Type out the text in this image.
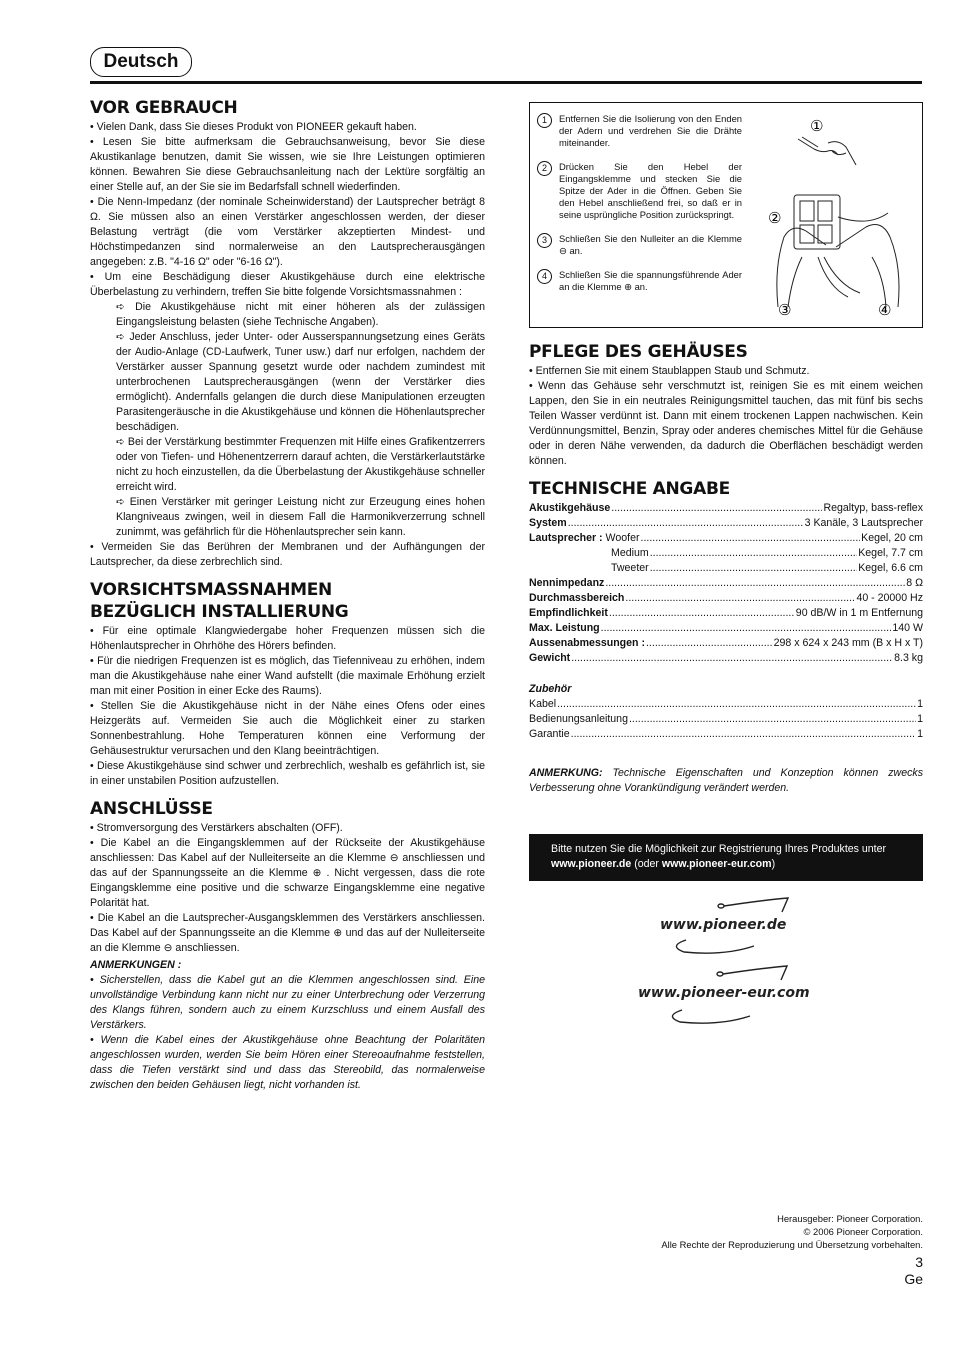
Deutsch
VOR GEBRAUCH

• Vielen Dank, dass Sie dieses Produkt von PIONEER gekauft haben.

• Lesen Sie bitte aufmerksam die Gebrauchsanweisung, bevor Sie diese Akustikanlage benutzen, damit Sie wissen, wie sie Ihre Leistungen optimieren können. Bewahren Sie diese Gebrauchsanleitung nach der Lektüre sorgfältig an einer Stelle auf, an der Sie sie im Bedarfsfall schnell wiederfinden.

• Die Nenn-Impedanz (der nominale Scheinwiderstand) der Lautsprecher beträgt 8 Ω. Sie müssen also an einen Verstärker angeschlossen werden, der dieser Belastung verträgt (die vom Verstärker akzeptierten Mindest- und Höchstimpedanzen sind normalerweise an den Lautsprecherausgängen angegeben: z.B. "4-16 Ω" oder "6-16 Ω").

• Um eine Beschädigung dieser Akustikgehäuse durch eine elektrische Überbelastung zu verhindern, treffen Sie bitte folgende Vorsichtsmassnahmen :

➪ Die Akustikgehäuse nicht mit einer höheren als der zulässigen Eingangsleistung belasten (siehe Technische Angaben).

➪ Jeder Anschluss, jeder Unter- oder Ausserspannungsetzung eines Geräts der Audio-Anlage (CD-Laufwerk, Tuner usw.) darf nur erfolgen, nachdem der Verstärker ausser Spannung gesetzt wurde oder nachdem zumindest mit unterbrochenen Lautsprecherausgängen (wenn der Verstärker dies ermöglicht). Andernfalls gelangen die durch diese Manipulationen erzeugten Parasitengeräusche in die Akustikgehäuse und können die Höhenlautsprecher beschädigen.

➪ Bei der Verstärkung bestimmter Frequenzen mit Hilfe eines Grafikentzerrers oder von Tiefen- und Höhenentzerrern darauf achten, die Verstärkerlautstärke nicht zu hoch einzustellen, da die Überbelastung der Akustikgehäuse schneller erreicht wird.

➪ Einen Verstärker mit geringer Leistung nicht zur Erzeugung eines hohen Klangniveaus zwingen, weil in diesem Fall die Harmonikverzerrung schnell zunimmt, was gefährlich für die Höhenlautsprecher sein kann.

• Vermeiden Sie das Berühren der Membranen und der Aufhängungen der Lautsprecher, da diese zerbrechlich sind.

VORSICHTSMASSNAHMEN
BEZÜGLICH INSTALLIERUNG

• Für eine optimale Klangwiedergabe hoher Frequenzen müssen sich die Höhenlautsprecher in Ohrhöhe des Hörers befinden.

• Für die niedrigen Frequenzen ist es möglich, das Tiefenniveau zu erhöhen, indem man die Akustikgehäuse nahe einer Wand aufstellt (die maximale Erhöhung erzielt man mit einer Position in einer Ecke des Raums).

• Stellen Sie die Akustikgehäuse nicht in der Nähe eines Ofens oder eines Heizgeräts auf. Vermeiden Sie auch die Möglichkeit einer zu starken Sonnenbestrahlung. Hohe Temperaturen können eine Verformung der Gehäusestruktur verursachen und den Klang beeinträchtigen.

• Diese Akustikgehäuse sind schwer und zerbrechlich, weshalb es gefährlich ist, sie in einer unstabilen Position aufzustellen.

ANSCHLÜSSE

• Stromversorgung des Verstärkers abschalten (OFF).

• Die Kabel an die Eingangsklemmen auf der Rückseite der Akustikgehäuse anschliessen: Das Kabel auf der Nulleiterseite an die Klemme ⊖ anschliessen und das auf der Spannungsseite an die Klemme ⊕ . Nicht vergessen, dass die rote Eingangsklemme eine positive und die schwarze Eingangsklemme eine negative Polarität hat.

• Die Kabel an die Lautsprecher-Ausgangsklemmen des Verstärkers anschliessen. Das Kabel auf der Spannungsseite an die Klemme ⊕ und das auf der Nulleiterseite an die Klemme ⊖ anschliessen.

ANMERKUNGEN :

• Sicherstellen, dass die Kabel gut an die Klemmen angeschlossen sind. Eine unvollständige Verbindung kann nicht nur zu einer Unterbrechung oder Verzerrung des Klangs führen, sondern auch zu einem Kurzschluss und einem Ausfall des Verstärkers.

• Wenn die Kabel eines der Akustikgehäuse ohne Beachtung der Polaritäten angeschlossen wurden, werden Sie beim Hören einer Stereoaufnahme feststellen, dass die Tiefen verstärkt sind und dass das Stereobild, das normalerweise zwischen den beiden Gehäusen liegt, nicht vorhanden ist.

1	Entfernen Sie die Isolierung von den Enden der Adern und verdrehen Sie die Drähte miteinander.
2	Drücken Sie den Hebel der Eingangsklemme und stecken Sie die Spitze der Ader in die Öffnen. Geben Sie den Hebel anschließend frei, so daß er in seine usprüngliche Position zurückspringt.
3	Schließen Sie den Nulleiter an die Klemme ⊖ an.
4	Schließen Sie die spannungsführende Ader an die Klemme ⊕ an.
①
②
③	④
PFLEGE DES GEHÄUSES

• Entfernen Sie mit einem Staublappen Staub und Schmutz.

• Wenn das Gehäuse sehr verschmutzt ist, reinigen Sie es mit einem weichen Lappen, den Sie in ein neutrales Reinigungsmittel tauchen, das mit fünf bis sechs Teilen Wasser verdünnt ist. Dann mit einem trockenen Lappen nachwischen. Kein Verdünnungsmittel, Benzin, Spray oder anderes chemisches Mittel für die Gehäuse oder in deren Nähe verwenden, da dadurch die Oberflächen beschädigt werden können.

TECHNISCHE ANGABE
Akustikgehäuse .....	Regaltyp, bass-reflex
System .....	3 Kanäle, 3 Lautsprecher
Lautsprecher :
Woofer .....	Kegel, 20 cm
Medium .....	Kegel, 7.7 cm
Tweeter .....	Kegel, 6.6 cm
Nennimpedanz .....	8 Ω
Durchmassbereich .....	40 - 20000 Hz
Empfindlichkeit .....	90 dB/W in 1 m Entfernung
Max. Leistung .....	140 W
Aussenabmessungen : .....	298 x 624 x 243 mm (B x H x T)
Gewicht .....	8.3 kg
Zubehör
Kabel .....	1
Bedienungsanleitung .....	1
Garantie .....	1

ANMERKUNG: Technische Eigenschaften und Konzeption können zwecks Verbesserung ohne Vorankündigung verändert werden.

Bitte nutzen Sie die Möglichkeit zur Registrierung Ihres Produktes unter
www.pioneer.de (oder www.pioneer-eur.com)
www.pioneer.de
www.pioneer-eur.com
Herausgeber: Pioneer Corporation.
© 2006 Pioneer Corporation.
Alle Rechte der Reproduzierung und Übersetzung vorbehalten.
3
Ge
